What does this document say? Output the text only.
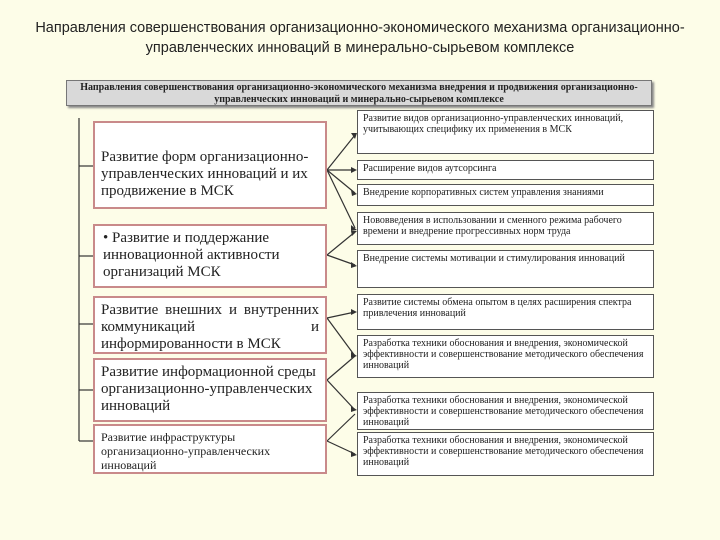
Направления совершенствования организационно-экономического механизма организационно-управленческих инноваций в минерально-сырьевом комплексе
Направления совершенствования организационно-экономического механизма внедрения и продвижения организационно-управленческих инноваций и минерально-сырьевом комплексе
Развитие форм организационно-управленческих инноваций и их продвижение в МСК
• Развитие и поддержание инновационной активности организаций МСК
Развитие внешних и внутренних коммуникаций и информированности в МСК
Развитие информационной среды организационно-управленческих инноваций
Развитие инфраструктуры организационно-управленческих инноваций
Развитие видов организационно-управленческих инноваций, учитывающих специфику их применения в МСК
Расширение видов аутсорсинга
Внедрение корпоративных систем управления знаниями
Нововведения в использовании и сменного режима рабочего времени и внедрение прогрессивных норм труда
Внедрение системы мотивации и стимулирования инноваций
Развитие системы обмена опытом в целях расширения спектра привлечения инноваций
Разработка техники обоснования и внедрения, экономической эффективности и совершенствование методического обеспечения инноваций
Разработка техники обоснования и внедрения, экономической эффективности и совершенствование методического обеспечения инноваций
Разработка техники обоснования и внедрения, экономической эффективности и совершенствование методического обеспечения инноваций
